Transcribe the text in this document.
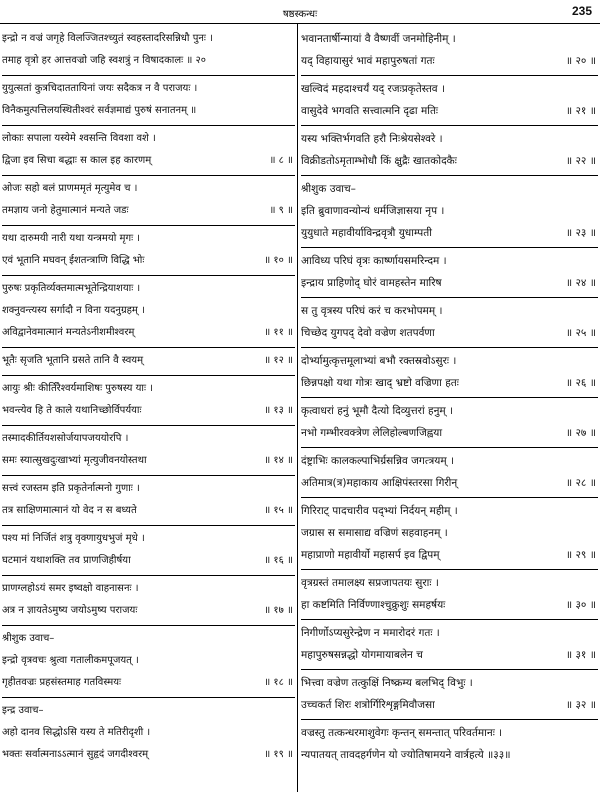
षष्ठस्कन्धः	235
इन्द्रो न वज्रं जगृहे विलज्जितश्च्युतं स्वहस्तादरिसन्निधौ पुनः ।
तमाह वृत्रो हर आत्तवज्रो जहि स्वशत्रुं न विषादकालः ॥ २०
युयुत्सतां कुत्रचिदाततायिनां जयः सदैकत्र न वै पराजयः ।
विनैकमुत्पत्तिलयस्थितीश्वरं सर्वज्ञमाद्यं पुरुषं सनातनम् ॥
लोकाः सपाला यस्येमे श्वसन्ति विवशा वशे ।
द्विजा इव सिचा बद्धाः स काल इह कारणम्	॥ ८ ॥
ओजः सहो बलं प्राणममृतं मृत्युमेव च ।
तमज्ञाय जनो हेतुमात्मानं मन्यते जडः	॥ ९ ॥
यथा दारुमयी नारी यथा यन्त्रमयो मृगः ।
एवं भूतानि मघवन् ईशतन्त्राणि विद्धि भोः	॥ १० ॥
पुरुषः प्रकृतिर्व्यक्तमात्मभूतेन्द्रियाशयाः ।
शक्नुवन्त्यस्य सर्गादौ न विना यदनुग्रहम् ।
अविद्वानेवमात्मानं मन्यतेऽनीशमीश्वरम्	॥ ११ ॥
भूतैः सृजति भूतानि ग्रसते तानि वै स्वयम्	॥ १२ ॥
आयुः श्रीः कीर्तिरैश्वर्यमाशिषः पुरुषस्य याः ।
भवन्त्येव हि ते काले यथानिच्छोर्विपर्ययाः	॥ १३ ॥
तस्मादकीर्तियशसोर्जयापजययोरपि ।
समः स्यात्सुखदुःखाभ्यां मृत्युजीवनयोस्तथा	॥ १४ ॥
सत्त्वं रजस्तम इति प्रकृतेर्नात्मनो गुणाः ।
तत्र साक्षिणमात्मानं यो वेद न स बध्यते	॥ १५ ॥
पश्य मां निर्जितं शत्रु वृक्णायुधभुजं मृधे ।
घटमानं यथाशक्ति तव प्राणजिहीर्षया	॥ १६ ॥
प्राणग्लहोऽयं समर इष्वक्षो वाहनासनः ।
अत्र न ज्ञायतेऽमुष्य जयोऽमुष्य पराजयः	॥ १७ ॥
श्रीशुक उवाच–
इन्द्रो वृत्रवचः श्रुत्वा गतालीकमपूजयत् ।
गृहीतवज्रः प्रहसंस्तमाह गतविस्मयः	॥ १८ ॥
इन्द्र उवाच–
अहो दानव सिद्धोऽसि यस्य ते मतिरीदृशी ।
भक्तः सर्वात्मनाऽऽत्मानं सुहृदं जगदीश्वरम्	॥ १९ ॥
भवानतार्षीन्मायां वै वैष्णवीं जनमोहिनीम् ।
यद् विहायासुरं भावं महापुरुषतां गतः	॥ २० ॥
खल्विदं महदाश्चर्यं यद् रजःप्रकृतेस्तव ।
वासुदेवे भगवति सत्त्वात्मनि दृढा मतिः	॥ २१ ॥
यस्य भक्तिर्भगवति हरौ निःश्रेयसेश्वरे ।
विक्रीडतोऽमृताम्भोधौ किं क्षुद्रैः खातकोदकैः	॥ २२ ॥
श्रीशुक उवाच–
इति ब्रुवाणावन्योन्यं धर्मजिज्ञासया नृप ।
युयुधाते महावीर्याविन्द्रवृत्रौ युधाम्पती	॥ २३ ॥
आविध्य परिघं वृत्रः कार्ष्णायसमरिन्दम ।
इन्द्राय प्राहिणोद् घोरं वामहस्तेन मारिष	॥ २४ ॥
स तु वृत्रस्य परिघं करं च करभोपमम् ।
चिच्छेद युगपद् देवो वज्रेण शतपर्वणा	॥ २५ ॥
दोर्भ्यामुत्कृत्तमूलाभ्यां बभौ रक्तस्रवोऽसुरः ।
छिन्नपक्षो यथा गोत्रः खाद् भ्रष्टो वज्रिणा हतः	॥ २६ ॥
कृत्वाधरां हनुं भूमौ दैत्यो दिव्युत्तरां हनुम् ।
नभो गम्भीरवक्त्रेण लेलिहोल्बणजिह्वया	॥ २७ ॥
दंष्ट्राभिः कालकल्पाभिर्ग्रसन्निव जगत्त्रयम् ।
अतिमात्र(त्र)महाकाय आक्षिपंस्तरसा गिरीन्	॥ २८ ॥
गिरिराट् पादचारीव पद्भ्यां निर्दयन् महीम् ।
जग्रास स समासाद्य वज्रिणं सहवाहनम् ।
महाप्राणो महावीर्यो महासर्प इव द्विपम्	॥ २९ ॥
वृत्रग्रस्तं तमालक्ष्य सप्रजापतयः सुराः ।
हा कष्टमिति निर्विण्णाश्चुक्रुशुः समहर्षयः	॥ ३० ॥
निगीर्णोऽप्यसुरेन्द्रेण न ममारोदरं गतः ।
महापुरुषसन्नद्धो योगमायाबलेन च	॥ ३१ ॥
भित्त्वा वज्रेण तत्कुक्षिं निष्क्रम्य बलभिद् विभुः ।
उच्चकर्त शिरः शत्रोर्गिरिशृङ्गमिवौजसा	॥ ३२ ॥
वज्रस्तु तत्कन्धरमाशुवेगः कृन्तन् समन्तात् परिवर्तमानः ।
न्यपातयत् तावदहर्गणेन यो ज्योतिषामयने वार्त्रहत्ये ॥३३॥
